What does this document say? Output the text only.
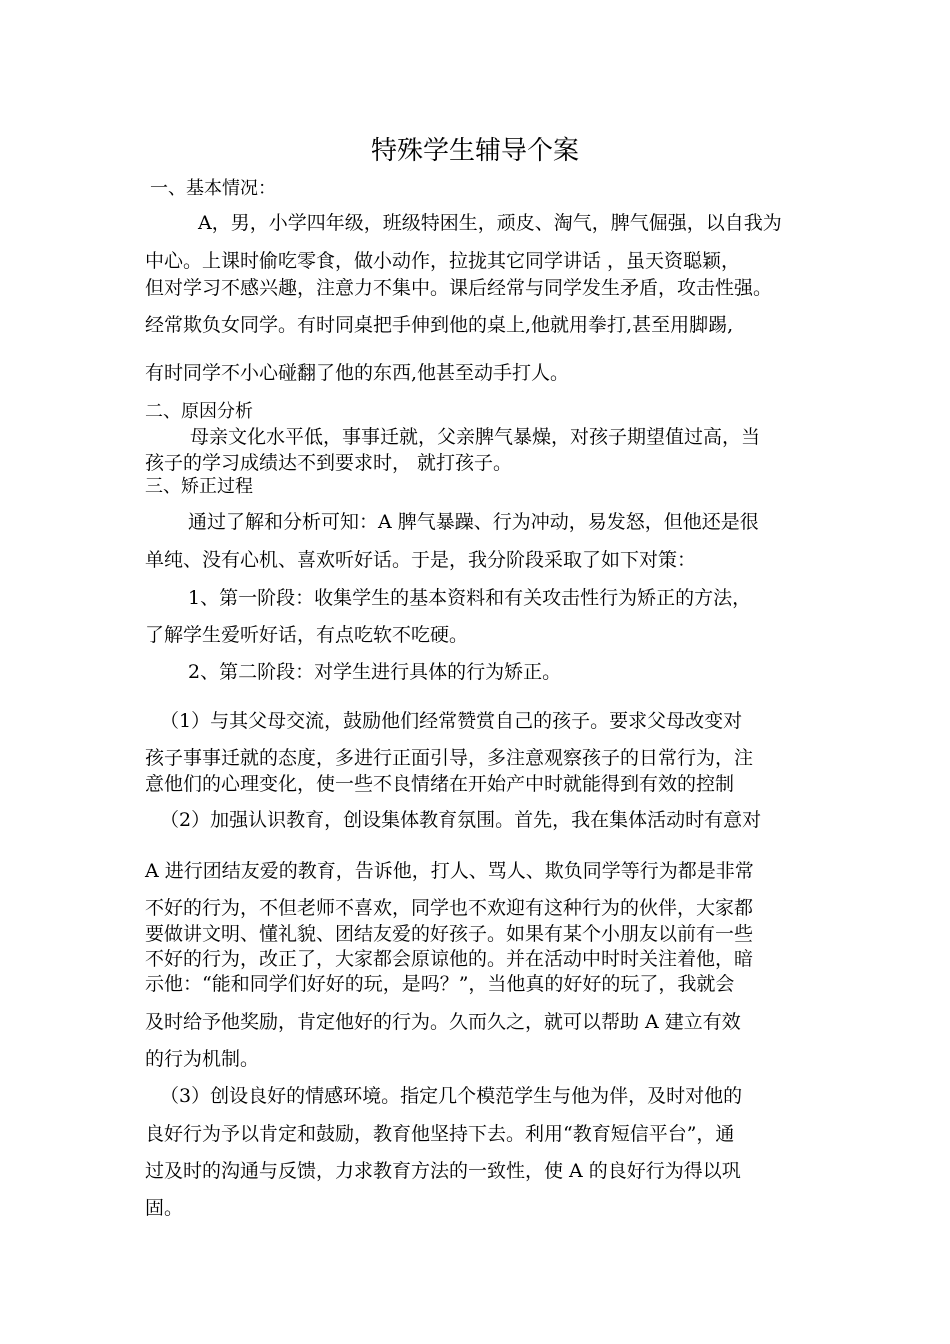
特殊学生辅导个案
一、基本情况：
A，男，小学四年级，班级特困生，顽皮、淘气，脾气倔强，以自我为
中心。上课时偷吃零食，做小动作，拉拢其它同学讲话 ，虽天资聪颖，
但对学习不感兴趣，注意力不集中。课后经常与同学发生矛盾，攻击性强。
经常欺负女同学。有时同桌把手伸到他的桌上,他就用拳打,甚至用脚踢,
有时同学不小心碰翻了他的东西,他甚至动手打人。
二、原因分析
母亲文化水平低，事事迁就，父亲脾气暴燥，对孩子期望值过高，当
孩子的学习成绩达不到要求时， 就打孩子。
三、矫正过程
通过了解和分析可知：A 脾气暴躁、行为冲动，易发怒，但他还是很
单纯、没有心机、喜欢听好话。于是，我分阶段采取了如下对策：
1、第一阶段：收集学生的基本资料和有关攻击性行为矫正的方法，
了解学生爱听好话，有点吃软不吃硬。
2、第二阶段：对学生进行具体的行为矫正。
（1）与其父母交流，鼓励他们经常赞赏自己的孩子。要求父母改变对
孩子事事迁就的态度，多进行正面引导，多注意观察孩子的日常行为，注
意他们的心理变化，使一些不良情绪在开始产中时就能得到有效的控制
（2）加强认识教育，创设集体教育氛围。首先，我在集体活动时有意对
A 进行团结友爱的教育，告诉他，打人、骂人、欺负同学等行为都是非常
不好的行为，不但老师不喜欢，同学也不欢迎有这种行为的伙伴，大家都
要做讲文明、懂礼貌、团结友爱的好孩子。如果有某个小朋友以前有一些
不好的行为，改正了，大家都会原谅他的。并在活动中时时关注着他，暗
示他：“能和同学们好好的玩，是吗？”，当他真的好好的玩了，我就会
及时给予他奖励，肯定他好的行为。久而久之，就可以帮助 A 建立有效
的行为机制。
（3）创设良好的情感环境。指定几个模范学生与他为伴，及时对他的
良好行为予以肯定和鼓励，教育他坚持下去。利用“教育短信平台”，通
过及时的沟通与反馈，力求教育方法的一致性，使 A 的良好行为得以巩
固。
